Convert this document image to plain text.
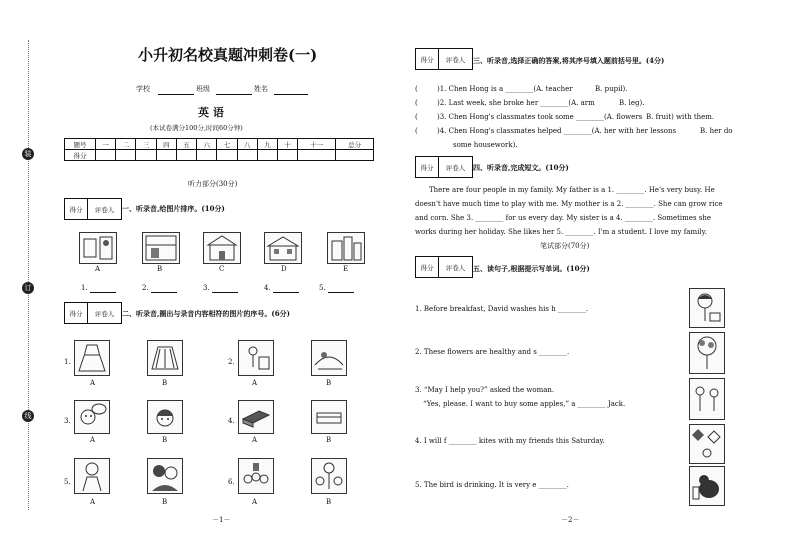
装
订
线
小升初名校真题冲刺卷(一)
学校	班级	姓名
英 语
(本试卷满分100分,时间60分钟)
题号	一	二	三	四	五	六	七	八	九	十	十一	总分
得分												
听力部分(30分)
得分	评卷人	一、听录音,给图片排序。(10分)
A	B	C	D	E
1.	2.	3.	4.	5.
得分	评卷人	二、听录音,圈出与录音内容相符的图片的序号。(6分)
1.	2.
A	B	A	B
3.	4.
A	B	A	B
5.	6.
A	B	A	B
－1－
得分	评卷人	三、听录音,选择正确的答案,将其序号填入题前括号里。(4分)
(	)1. Chen Hong is a ________(A. teacher	B. pupil).
(	)2. Last week, she broke her ________(A. arm	B. leg).
(	)3. Chen Hong's classmates took some ________(A. flowers B. fruit) with them.
(	)4. Chen Hong's classmates helped ________(A. her with her lessons	B. her do
some housework).
得分	评卷人	四、听录音,完成短文。(10分)
There are four people in my family. My father is a 1. ________. He's very busy. He
doesn't have much time to play with me. My mother is a 2. ________. She can grow rice
and corn. She 3. ________ for us every day. My sister is a 4. ________. Sometimes she
works during her holiday. She likes her 5. ________. I'm a student. I love my family.
笔试部分(70分)
得分	评卷人	五、读句子,根据提示写单词。(10分)
1. Before breakfast, David washes his h ________.
2. These flowers are healthy and s ________.
3. “May I help you?” asked the woman.
“Yes, please. I want to buy some apples,” a ________ Jack.
4. I will f ________ kites with my friends this Saturday.
5. The bird is drinking. It is very e ________.
－2－
